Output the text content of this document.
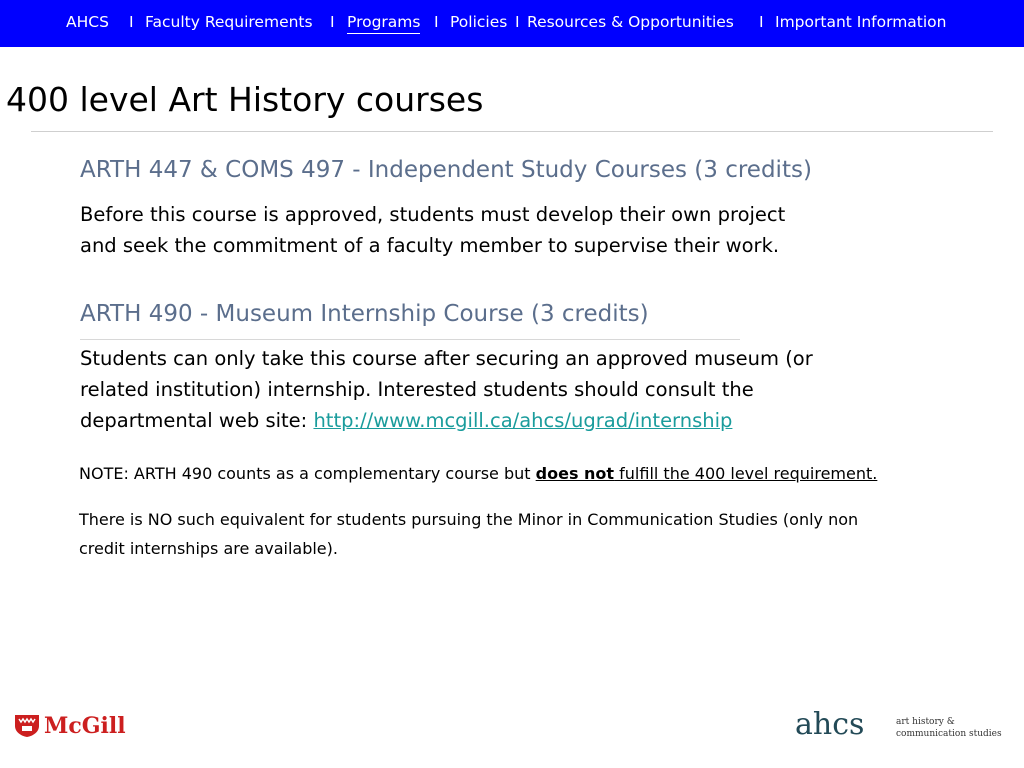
AHCS I Faculty Requirements I Programs I Policies I Resources & Opportunities I Important Information
400 level Art History courses
ARTH 447 & COMS 497 - Independent Study Courses (3 credits)
Before this course is approved, students must develop their own project
and seek the commitment of a faculty member to supervise their work.
ARTH 490 - Museum Internship Course (3 credits)
Students can only take this course after securing an approved museum (or
related institution) internship. Interested students should consult the
departmental web site: http://www.mcgill.ca/ahcs/ugrad/internship
NOTE: ARTH 490 counts as a complementary course but does not fulfill the 400 level requirement.
There is NO such equivalent for students pursuing the Minor in Communication Studies (only non
credit internships are available).
McGill	ahcs	art history &
communication studies
